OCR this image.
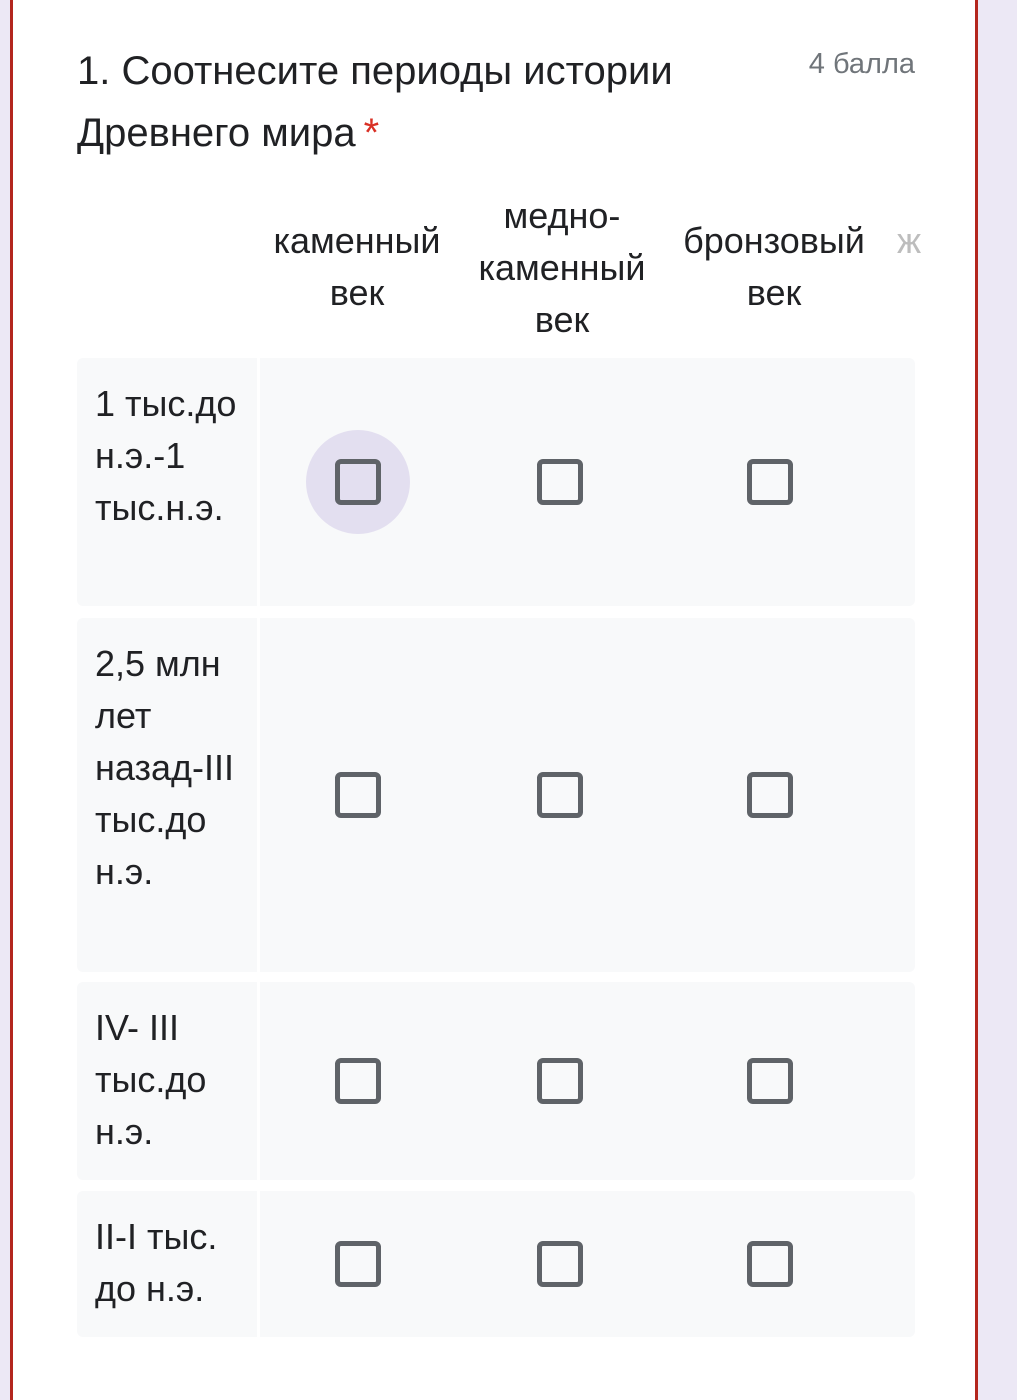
1. Соотнесите периоды истории Древнего мира *
4 балла
каменный век
медно-каменный век
бронзовый век
ж
1 тыс.до н.э.-1 тыс.н.э.
2,5 млн лет назад-III тыс.до н.э.
IV- III тыс.до н.э.
II-I тыс. до н.э.
